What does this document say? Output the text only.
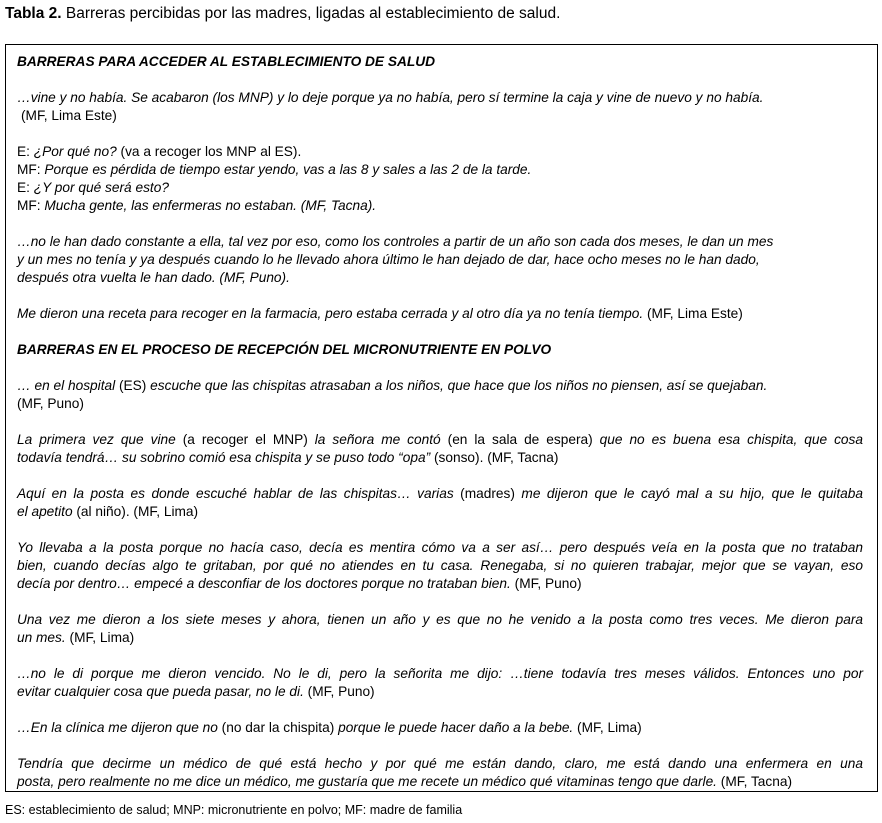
Tabla 2. Barreras percibidas por las madres, ligadas al establecimiento de salud.
BARRERAS PARA ACCEDER AL ESTABLECIMIENTO DE SALUD
…vine y no había. Se acabaron (los MNP) y lo deje porque ya no había, pero sí termine la caja y vine de nuevo y no había.
(MF, Lima Este)
E: ¿Por qué no? (va a recoger los MNP al ES).
MF: Porque es pérdida de tiempo estar yendo, vas a las 8 y sales a las 2 de la tarde.
E: ¿Y por qué será esto?
MF: Mucha gente, las enfermeras no estaban. (MF, Tacna).
…no le han dado constante a ella, tal vez por eso, como los controles a partir de un año son cada dos meses, le dan un mes
y un mes no tenía y ya después cuando lo he llevado ahora último le han dejado de dar, hace ocho meses no le han dado,
después otra vuelta le han dado. (MF, Puno).
Me dieron una receta para recoger en la farmacia, pero estaba cerrada y al otro día ya no tenía tiempo. (MF, Lima Este)
BARRERAS EN EL PROCESO DE RECEPCIÓN DEL MICRONUTRIENTE EN POLVO
… en el hospital (ES) escuche que las chispitas atrasaban a los niños, que hace que los niños no piensen, así se quejaban.
(MF, Puno)
La primera vez que vine (a recoger el MNP) la señora me contó (en la sala de espera) que no es buena esa chispita, que cosa
todavía tendrá… su sobrino comió esa chispita y se puso todo “opa” (sonso). (MF, Tacna)
Aquí en la posta es donde escuché hablar de las chispitas… varias (madres) me dijeron que le cayó mal a su hijo, que le quitaba
el apetito (al niño). (MF, Lima)
Yo llevaba a la posta porque no hacía caso, decía es mentira cómo va a ser así… pero después veía en la posta que no trataban
bien, cuando decías algo te gritaban, por qué no atiendes en tu casa. Renegaba, si no quieren trabajar, mejor que se vayan, eso
decía por dentro… empecé a desconfiar de los doctores porque no trataban bien. (MF, Puno)
Una vez me dieron a los siete meses y ahora, tienen un año y es que no he venido a la posta como tres veces. Me dieron para
un mes. (MF, Lima)
…no le di porque me dieron vencido. No le di, pero la señorita me dijo: …tiene todavía tres meses válidos. Entonces uno por
evitar cualquier cosa que pueda pasar, no le di. (MF, Puno)
…En la clínica me dijeron que no (no dar la chispita) porque le puede hacer daño a la bebe. (MF, Lima)
Tendría que decirme un médico de qué está hecho y por qué me están dando, claro, me está dando una enfermera en una
posta, pero realmente no me dice un médico, me gustaría que me recete un médico qué vitaminas tengo que darle. (MF, Tacna)
ES: establecimiento de salud; MNP: micronutriente en polvo; MF: madre de familia
